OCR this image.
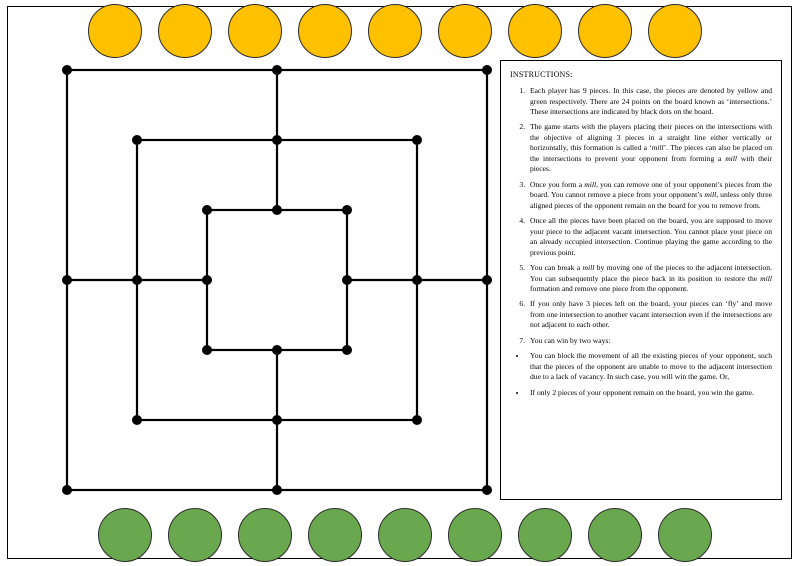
INSTRUCTIONS:
1. Each player has 9 pieces. In this case, the pieces are denoted by yellow and green respectively. There are 24 points on the board known as ‘intersections.’ These intersections are indicated by black dots on the board.
2. The game starts with the players placing their pieces on the intersections with the objective of aligning 3 pieces in a straight line either vertically or horizontally, this formation is called a ‘mill’. The pieces can also be placed on the intersections to prevent your opponent from forming a mill with their pieces.
3. Once you form a mill, you can remove one of your opponent’s pieces from the board. You cannot remove a piece from your opponent’s mill, unless only three aligned pieces of the opponent remain on the board for you to remove from.
4. Once all the pieces have been placed on the board, you are supposed to move your piece to the adjacent vacant intersection. You cannot place your piece on an already occupied intersection. Continue playing the game according to the previous point.
5. You can break a mill by moving one of the pieces to the adjacent intersection. You can subsequently place the piece back in its position to restore the mill formation and remove one piece from the opponent.
6. If you only have 3 pieces left on the board, your pieces can ‘fly’ and move from one intersection to another vacant intersection even if the intersections are not adjacent to each other.
7. You can win by two ways:
• You can block the movement of all the existing pieces of your opponent, such that the pieces of the opponent are unable to move to the adjacent intersection due to a lack of vacancy. In such case, you will win the game. Or,
• If only 2 pieces of your opponent remain on the board, you win the game.
